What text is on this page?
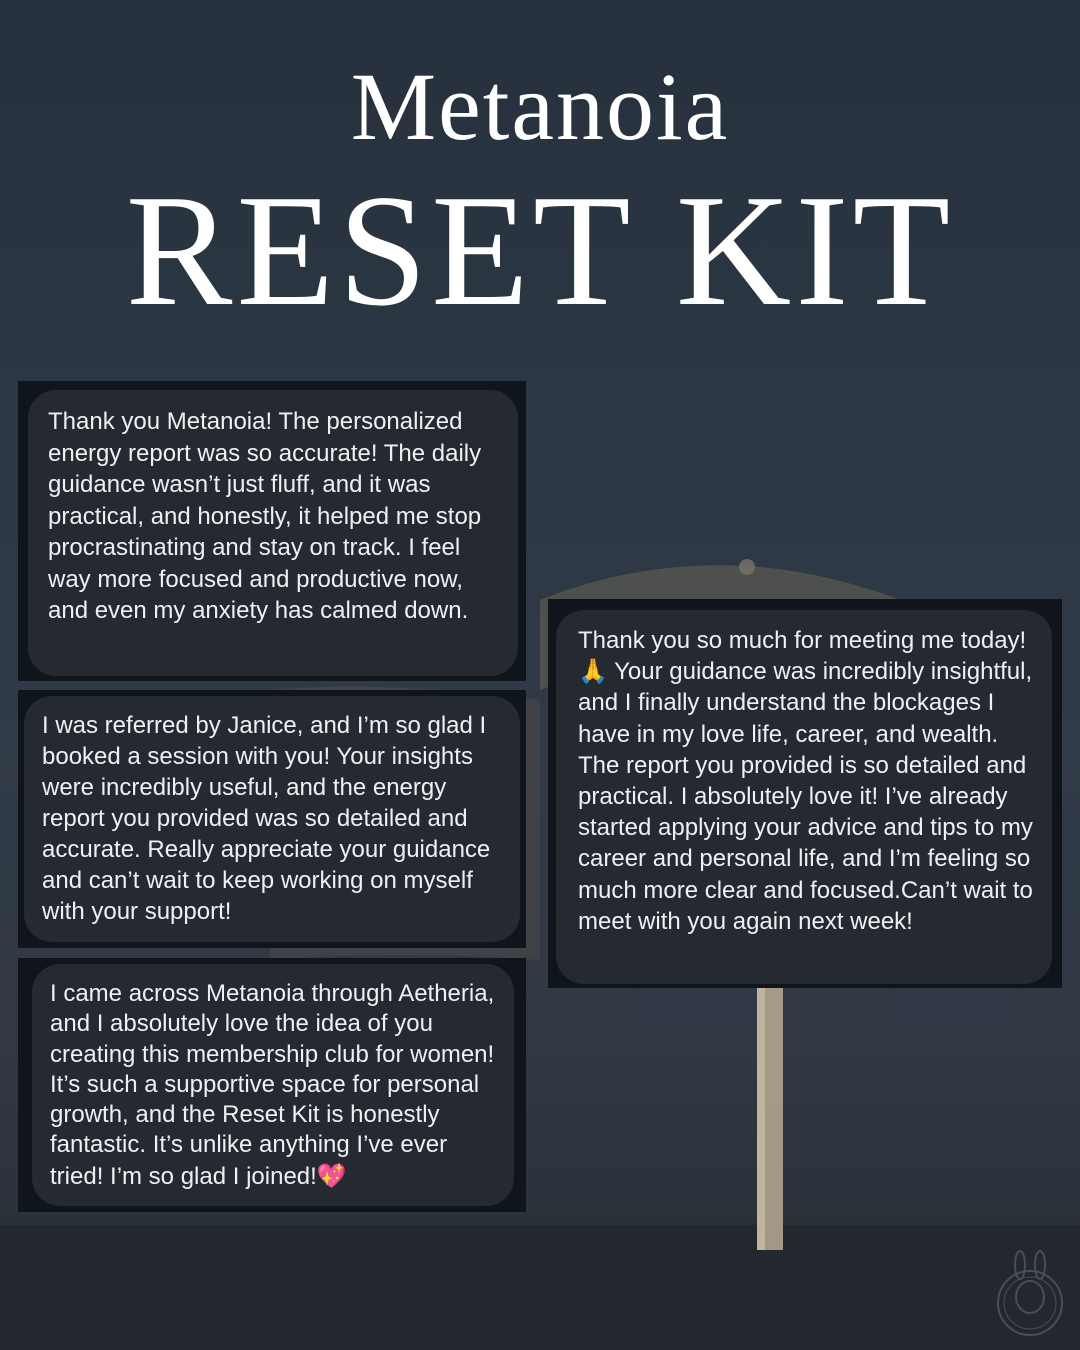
Metanoia
RESET KIT
Thank you Metanoia! The personalized energy report was so accurate! The daily guidance wasn’t just fluff, and it was practical, and honestly, it helped me stop procrastinating and stay on track. I feel way more focused and productive now, and even my anxiety has calmed down.
I was referred by Janice, and I’m so glad I booked a session with you! Your insights were incredibly useful, and the energy report you provided was so detailed and accurate. Really appreciate your guidance and can’t wait to keep working on myself with your support!
I came across Metanoia through Aetheria, and I absolutely love the idea of you creating this membership club for women! It’s such a supportive space for personal growth, and the Reset Kit is honestly fantastic. It’s unlike anything I’ve ever tried! I’m so glad I joined!💖
Thank you so much for meeting me today! 🙏 Your guidance was incredibly insightful, and I finally understand the blockages I have in my love life, career, and wealth. The report you provided is so detailed and practical. I absolutely love it! I’ve already started applying your advice and tips to my career and personal life, and I’m feeling so much more clear and focused.Can’t wait to meet with you again next week!
